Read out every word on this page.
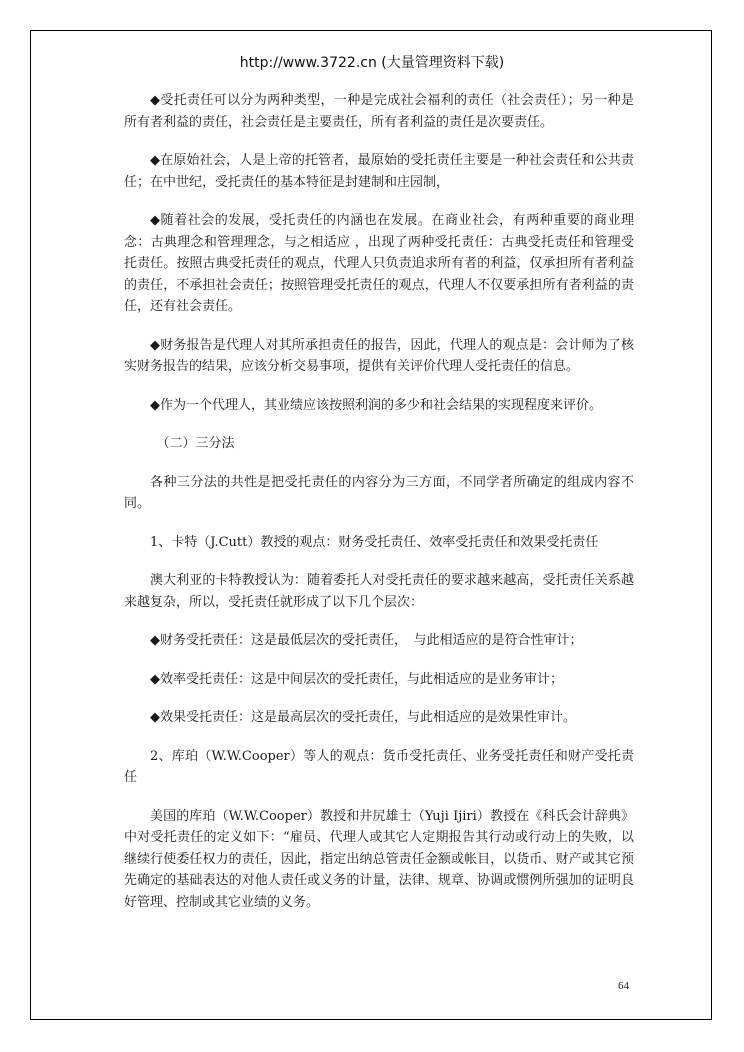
http://www.3722.cn (大量管理资料下载)

◆受托责任可以分为两种类型，一种是完成社会福利的责任（社会责任）；另一种是所有者利益的责任，社会责任是主要责任，所有者利益的责任是次要责任。

◆在原始社会，人是上帝的托管者，最原始的受托责任主要是一种社会责任和公共责任；在中世纪，受托责任的基本特征是封建制和庄园制，

◆随着社会的发展，受托责任的内涵也在发展。在商业社会，有两种重要的商业理念：古典理念和管理理念，与之相适应 ，出现了两种受托责任：古典受托责任和管理受托责任。按照古典受托责任的观点，代理人只负责追求所有者的利益，仅承担所有者利益的责任，不承担社会责任；按照管理受托责任的观点，代理人不仅要承担所有者利益的责任，还有社会责任。

◆财务报告是代理人对其所承担责任的报告，因此，代理人的观点是：会计师为了核实财务报告的结果，应该分析交易事项，提供有关评价代理人受托责任的信息。

◆作为一个代理人，其业绩应该按照利润的多少和社会结果的实现程度来评价。

（二）三分法

各种三分法的共性是把受托责任的内容分为三方面，不同学者所确定的组成内容不同。

1、卡特（J.Cutt）教授的观点：财务受托责任、效率受托责任和效果受托责任

澳大利亚的卡特教授认为：随着委托人对受托责任的要求越来越高，受托责任关系越来越复杂，所以，受托责任就形成了以下几个层次：

◆财务受托责任：这是最低层次的受托责任，　与此相适应的是符合性审计；

◆效率受托责任：这是中间层次的受托责任，与此相适应的是业务审计；

◆效果受托责任：这是最高层次的受托责任，与此相适应的是效果性审计。

2、库珀（W.W.Cooper）等人的观点：货币受托责任、业务受托责任和财产受托责任

美国的库珀（W.W.Cooper）教授和井尻雄士（Yuji Ijiri）教授在《科氏会计辞典》中对受托责任的定义如下：“雇员、代理人或其它人定期报告其行动或行动上的失败，以继续行使委任权力的责任，因此，指定出纳总管责任金额或帐目，以货币、财产或其它预先确定的基础表达的对他人责任或义务的计量，法律、规章、协调或惯例所强加的证明良好管理、控制或其它业绩的义务。

64
